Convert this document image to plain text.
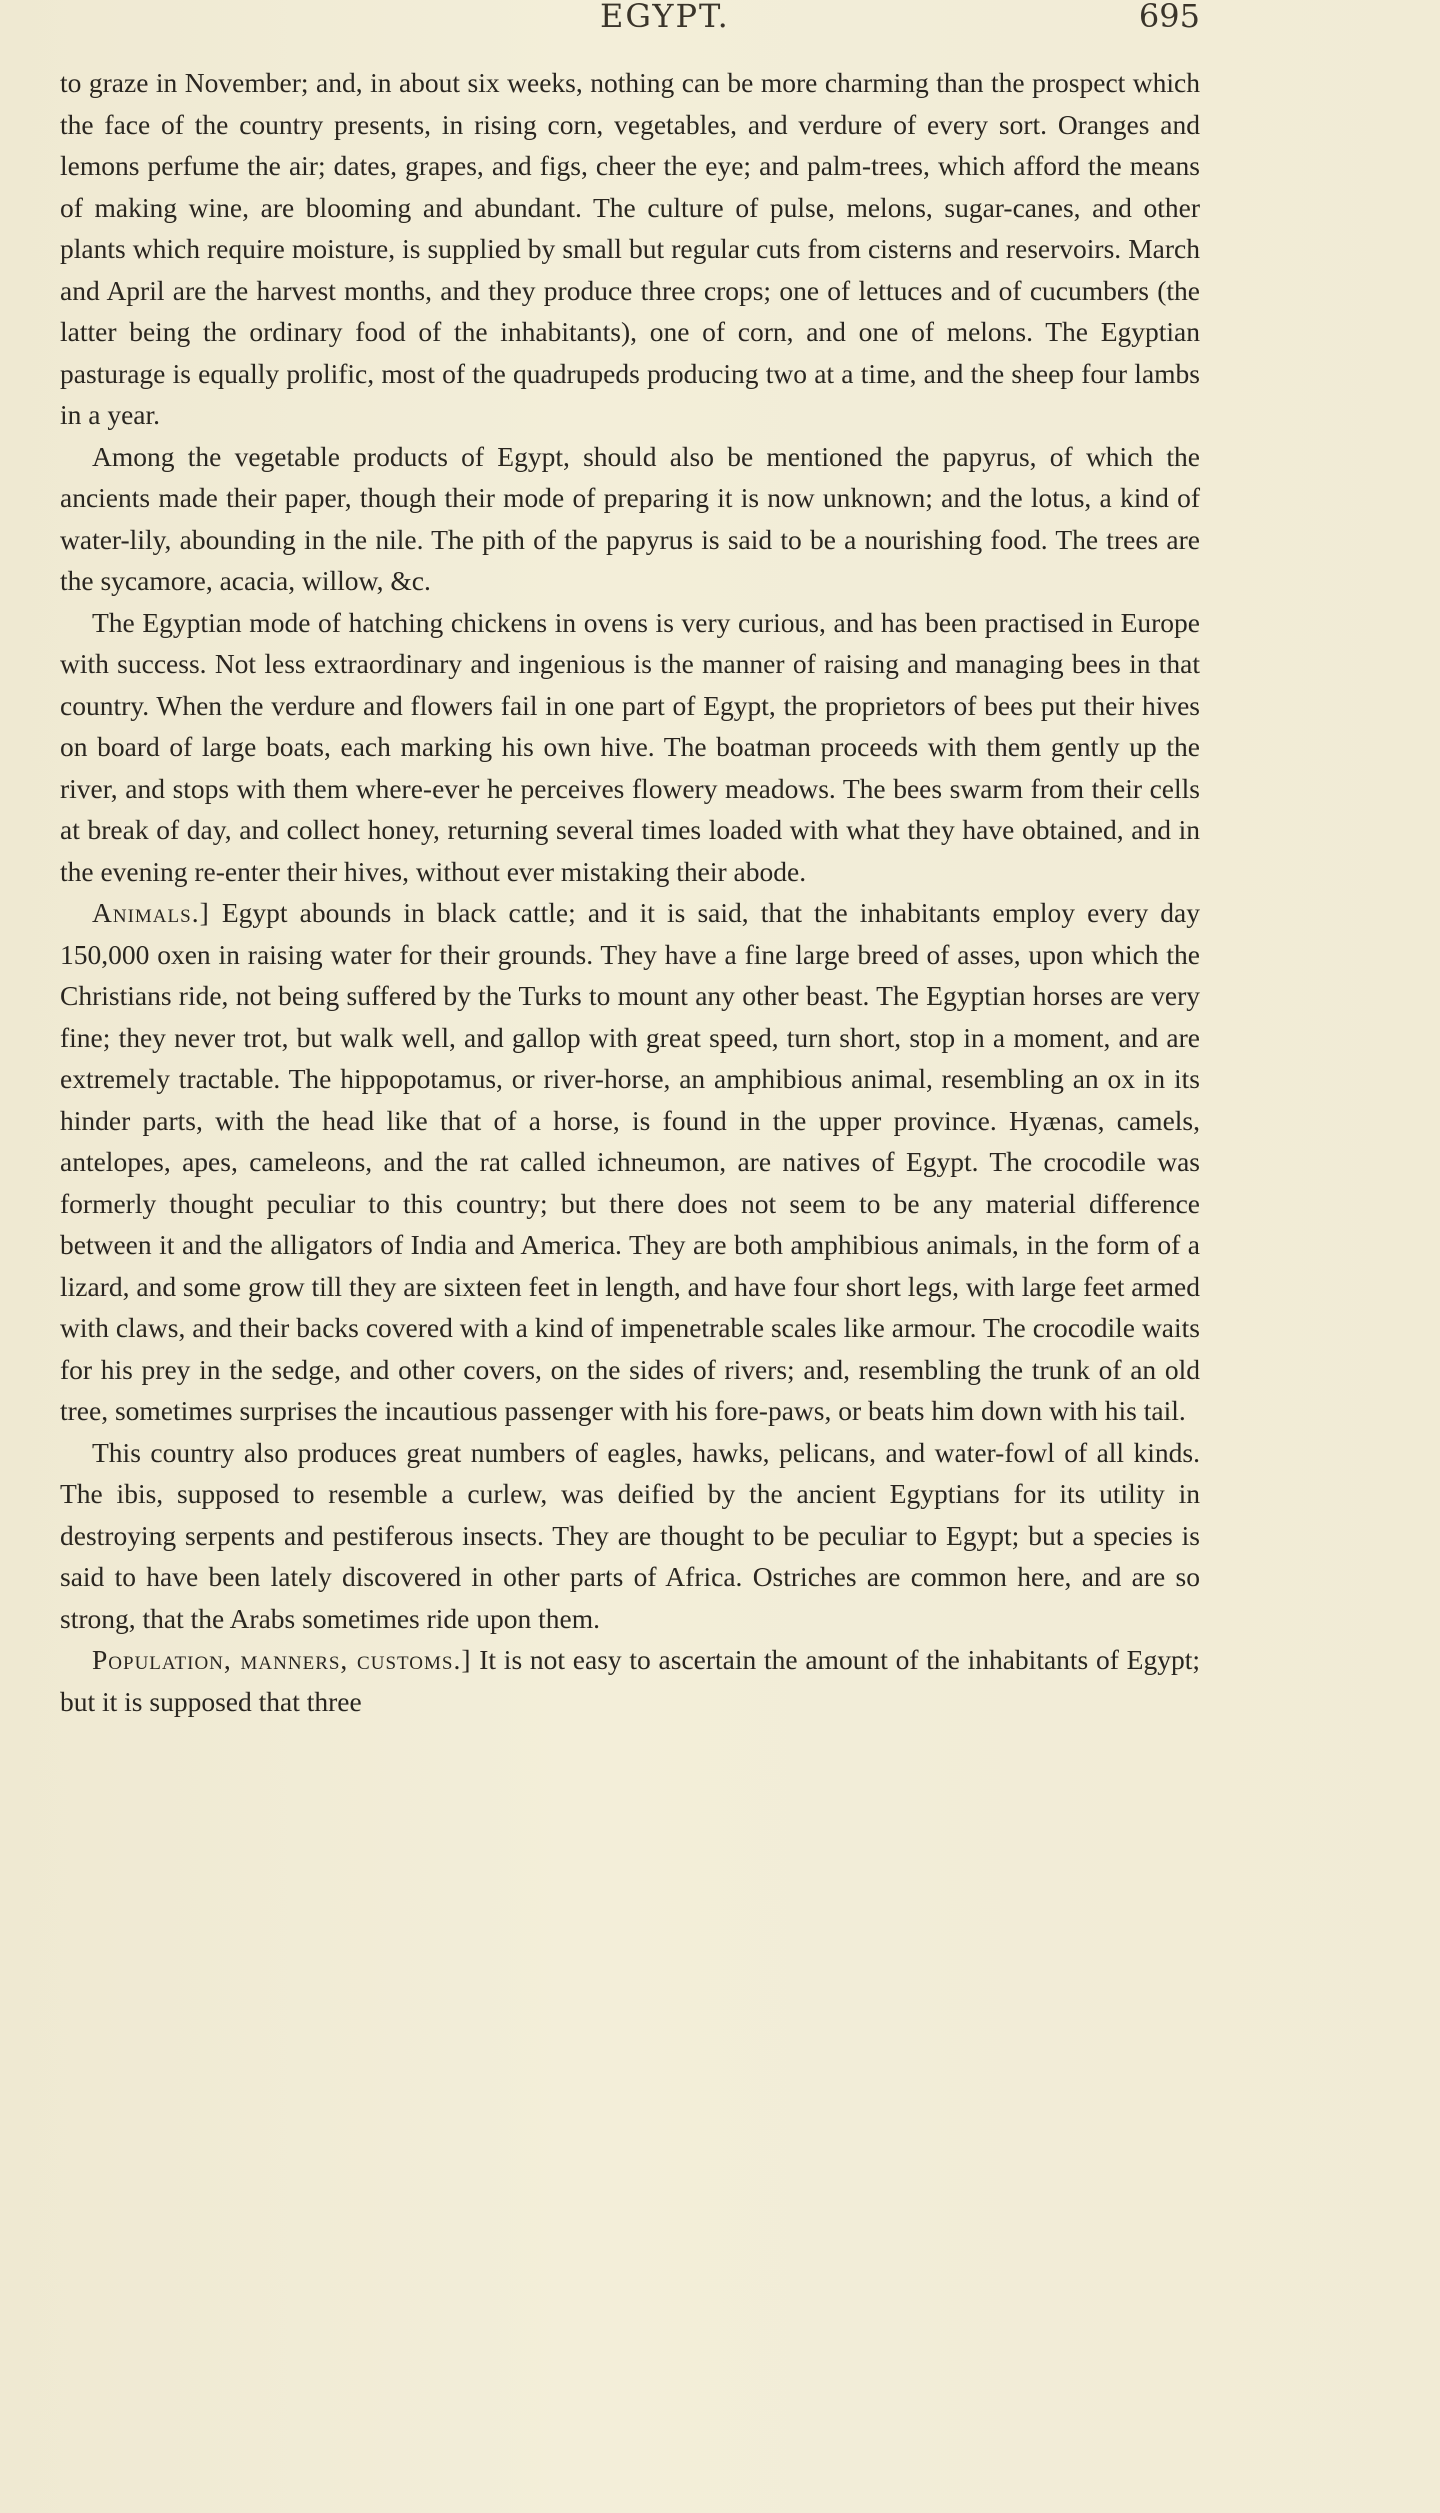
EGYPT.	695

to graze in November; and, in about six weeks, nothing can be more charming than the prospect which the face of the country presents, in rising corn, vegetables, and verdure of every sort. Oranges and lemons perfume the air; dates, grapes, and figs, cheer the eye; and palm-trees, which afford the means of making wine, are blooming and abundant. The culture of pulse, melons, sugar-canes, and other plants which require moisture, is supplied by small but regular cuts from cisterns and reservoirs. March and April are the harvest months, and they produce three crops; one of lettuces and of cucumbers (the latter being the ordinary food of the inhabitants), one of corn, and one of melons. The Egyptian pasturage is equally prolific, most of the quadrupeds producing two at a time, and the sheep four lambs in a year.

Among the vegetable products of Egypt, should also be mentioned the papyrus, of which the ancients made their paper, though their mode of preparing it is now unknown; and the lotus, a kind of water-lily, abounding in the nile. The pith of the papyrus is said to be a nourishing food. The trees are the sycamore, acacia, willow, &c.

The Egyptian mode of hatching chickens in ovens is very curious, and has been practised in Europe with success. Not less extraordinary and ingenious is the manner of raising and managing bees in that country. When the verdure and flowers fail in one part of Egypt, the proprietors of bees put their hives on board of large boats, each marking his own hive. The boatman proceeds with them gently up the river, and stops with them where-ever he perceives flowery meadows. The bees swarm from their cells at break of day, and collect honey, returning several times loaded with what they have obtained, and in the evening re-enter their hives, without ever mistaking their abode.

Animals.] Egypt abounds in black cattle; and it is said, that the inhabitants employ every day 150,000 oxen in raising water for their grounds. They have a fine large breed of asses, upon which the Christians ride, not being suffered by the Turks to mount any other beast. The Egyptian horses are very fine; they never trot, but walk well, and gallop with great speed, turn short, stop in a moment, and are extremely tractable. The hippopotamus, or river-horse, an amphibious animal, resembling an ox in its hinder parts, with the head like that of a horse, is found in the upper province. Hyænas, camels, antelopes, apes, cameleons, and the rat called ichneumon, are natives of Egypt. The crocodile was formerly thought peculiar to this country; but there does not seem to be any material difference between it and the alligators of India and America. They are both amphibious animals, in the form of a lizard, and some grow till they are sixteen feet in length, and have four short legs, with large feet armed with claws, and their backs covered with a kind of impenetrable scales like armour. The crocodile waits for his prey in the sedge, and other covers, on the sides of rivers; and, resembling the trunk of an old tree, sometimes surprises the incautious passenger with his fore-paws, or beats him down with his tail.

This country also produces great numbers of eagles, hawks, pelicans, and water-fowl of all kinds. The ibis, supposed to resemble a curlew, was deified by the ancient Egyptians for its utility in destroying serpents and pestiferous insects. They are thought to be peculiar to Egypt; but a species is said to have been lately discovered in other parts of Africa. Ostriches are common here, and are so strong, that the Arabs sometimes ride upon them.

Population, manners, customs.] It is not easy to ascertain the amount of the inhabitants of Egypt; but it is supposed that three
